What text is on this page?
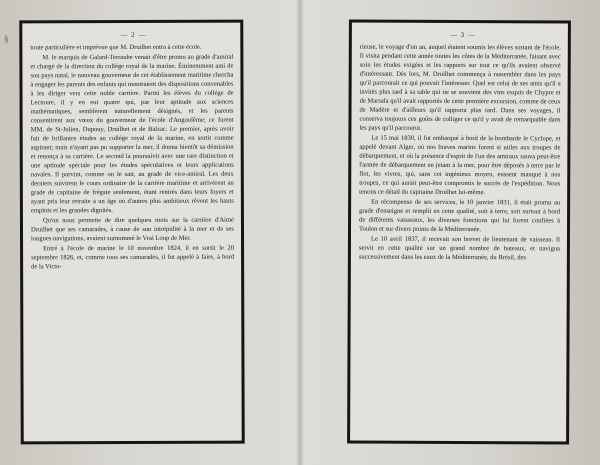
§	— 2 —

toute particulière et imprévue que M. Druilhet entra à cette école.

M. le marquis de Galard-Terraube venait d'être promu au grade d'amiral et chargé de la direction du collége royal de la marine. Éminemment ami de son pays natal, le nouveau gouverneur de cet établissement maritime chercha à engager les parents des enfants qui montraient des dispositions convenables à les diriger vers cette noble carrière. Parmi les élèves du collége de Lectoure, il y en eut quatre qui, par leur aptitude aux sciences mathématiques, semblèrent naturellement désignés, et les parents consentirent aux vœux du gouverneur de l'école d'Angoulême; ce furent MM. de St-Julien, Dupouy, Druilhet et de Balzac. Le premier, après avoir fait de brillantes études au collége royal de la marine, en sortit comme aspirant; mais n'ayant pas pu supporter la mer, il donna bientôt sa démission et renonça à sa carrière. Le second la poursuivit avec une rare distinction et une aptitude spéciale pour les études spéculatives et leurs applications navales. Il parvint, comme on le sait, au grade de vice-amiral. Les deux derniers suivirent le cours ordinaire de la carrière maritime et arrivèrent au grade de capitaine de frégate seulement, étant rentrés dans leurs foyers et ayant pris leur retraite à un âge où d'autres plus ambitieux rêvent les hauts emplois et les grandes dignités.

Qu'on nous permette de dire quelques mots sur la carrière d'Aimé Druilhet que ses camarades, à cause de son intrépidité à la mer et de ses longues navigations, avaient surnommé le Vrai Loup de Mer.

Entré à l'école de marine le 10 novembre 1824, il en sortit le 20 septembre 1826, et, comme tous ses camarades, il fut appelé à faire, à bord de la Victo-

— 3 —

rieuse, le voyage d'un an, auquel étaient soumis les élèves sortant de l'école. Il visita pendant cette année toutes les côtes de la Méditerranée, faisant avec soin les études exigées et les rapports sur tout ce qu'ils avaient observé d'intéressant. Dès lors, M. Druilhet commença à rassembler dans les pays qu'il parcourait ce qui pouvait l'intéresser. Quel est celui de ses amis qu'il a invités plus tard à sa table qui ne se souvient des vins exquis de Chypre et de Marsala qu'il avait rapportés de cette première excursion, comme de ceux de Madère et d'ailleurs qu'il rapporta plus tard. Dans ses voyages, il conserva toujours ces goûts de colliger ce qu'il y avait de remarquable dans les pays qu'il parcourut.

Le 15 mai 1830, il fut embarqué à bord de la bombarde le Cyclope, et appelé devant Alger, où nos braves marins furent si utiles aux troupes de débarquement, et où la présence d'esprit de l'un des amiraux sauva peut-être l'armée de débarquement en jetant à la mer, pour être déposés à terre par le flot, les vivres, qui, sans cet ingénieux moyen, eussent manqué à nos troupes, ce qui aurait peut-être compromis le succès de l'expédition. Nous tenons ce détail du capitaine Druilhet lui-même.

En récompense de ses services, le 10 janvier 1831, il était promu au grade d'enseigne et remplit en cette qualité, soit à terre, soit surtout à bord de différents vaisseaux, les diverses fonctions qui lui furent confiées à Toulon et sur divers points de la Méditerranée.

Le 10 avril 1837, il recevait son brevet de lieutenant de vaisseau. Il servit en cette qualité sur un grand nombre de bateaux, et navigua successivement dans les eaux de la Méditerranée, du Brésil, des
